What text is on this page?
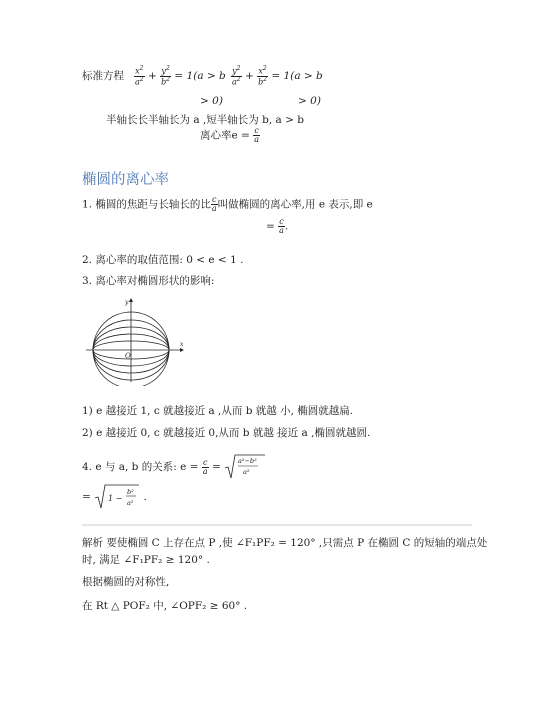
标准方程 $\frac{x^2}{a^2} + \frac{y^2}{b^2} = 1(a > b$
> 0)
$\frac{y^2}{a^2} + \frac{x^2}{b^2} = 1(a > b$
> 0)
半轴长长半轴长为 a ,短半轴长为 b, a > b
离心率$e = \frac{c}{a}$
椭圆的离心率
1. 椭圆的焦距与长轴长的比 $\frac{c}{a}$ 叫做椭圆的离心率,用 e 表示,即 e
= $\frac{c}{a}$ .
2. 离心率的取值范围: 0 < e < 1 .
3. 离心率对椭圆形状的影响:
y
x
O
1) e 越接近 1, c 就越接近 a ,从而 b 就越 小, 椭圆就越扁.
2) e 越接近 0, c 就越接近 0,从而 b 就越 接近 a ,椭圆就越圆.
4. e 与 a, b 的关系: $e = \frac{c}{a}$ =	a²−b²
a²
= 1 −
b²
a² .
解析 要使椭圆 C 上存在点 P ,使 ∠F₁PF₂ = 120° ,只需点 P 在椭圆 C 的短轴的端点处
时, 满足 ∠F₁PF₂ ≥ 120° .
根据椭圆的对称性,
在 Rt △ POF₂ 中, ∠OPF₂ ≥ 60° .
